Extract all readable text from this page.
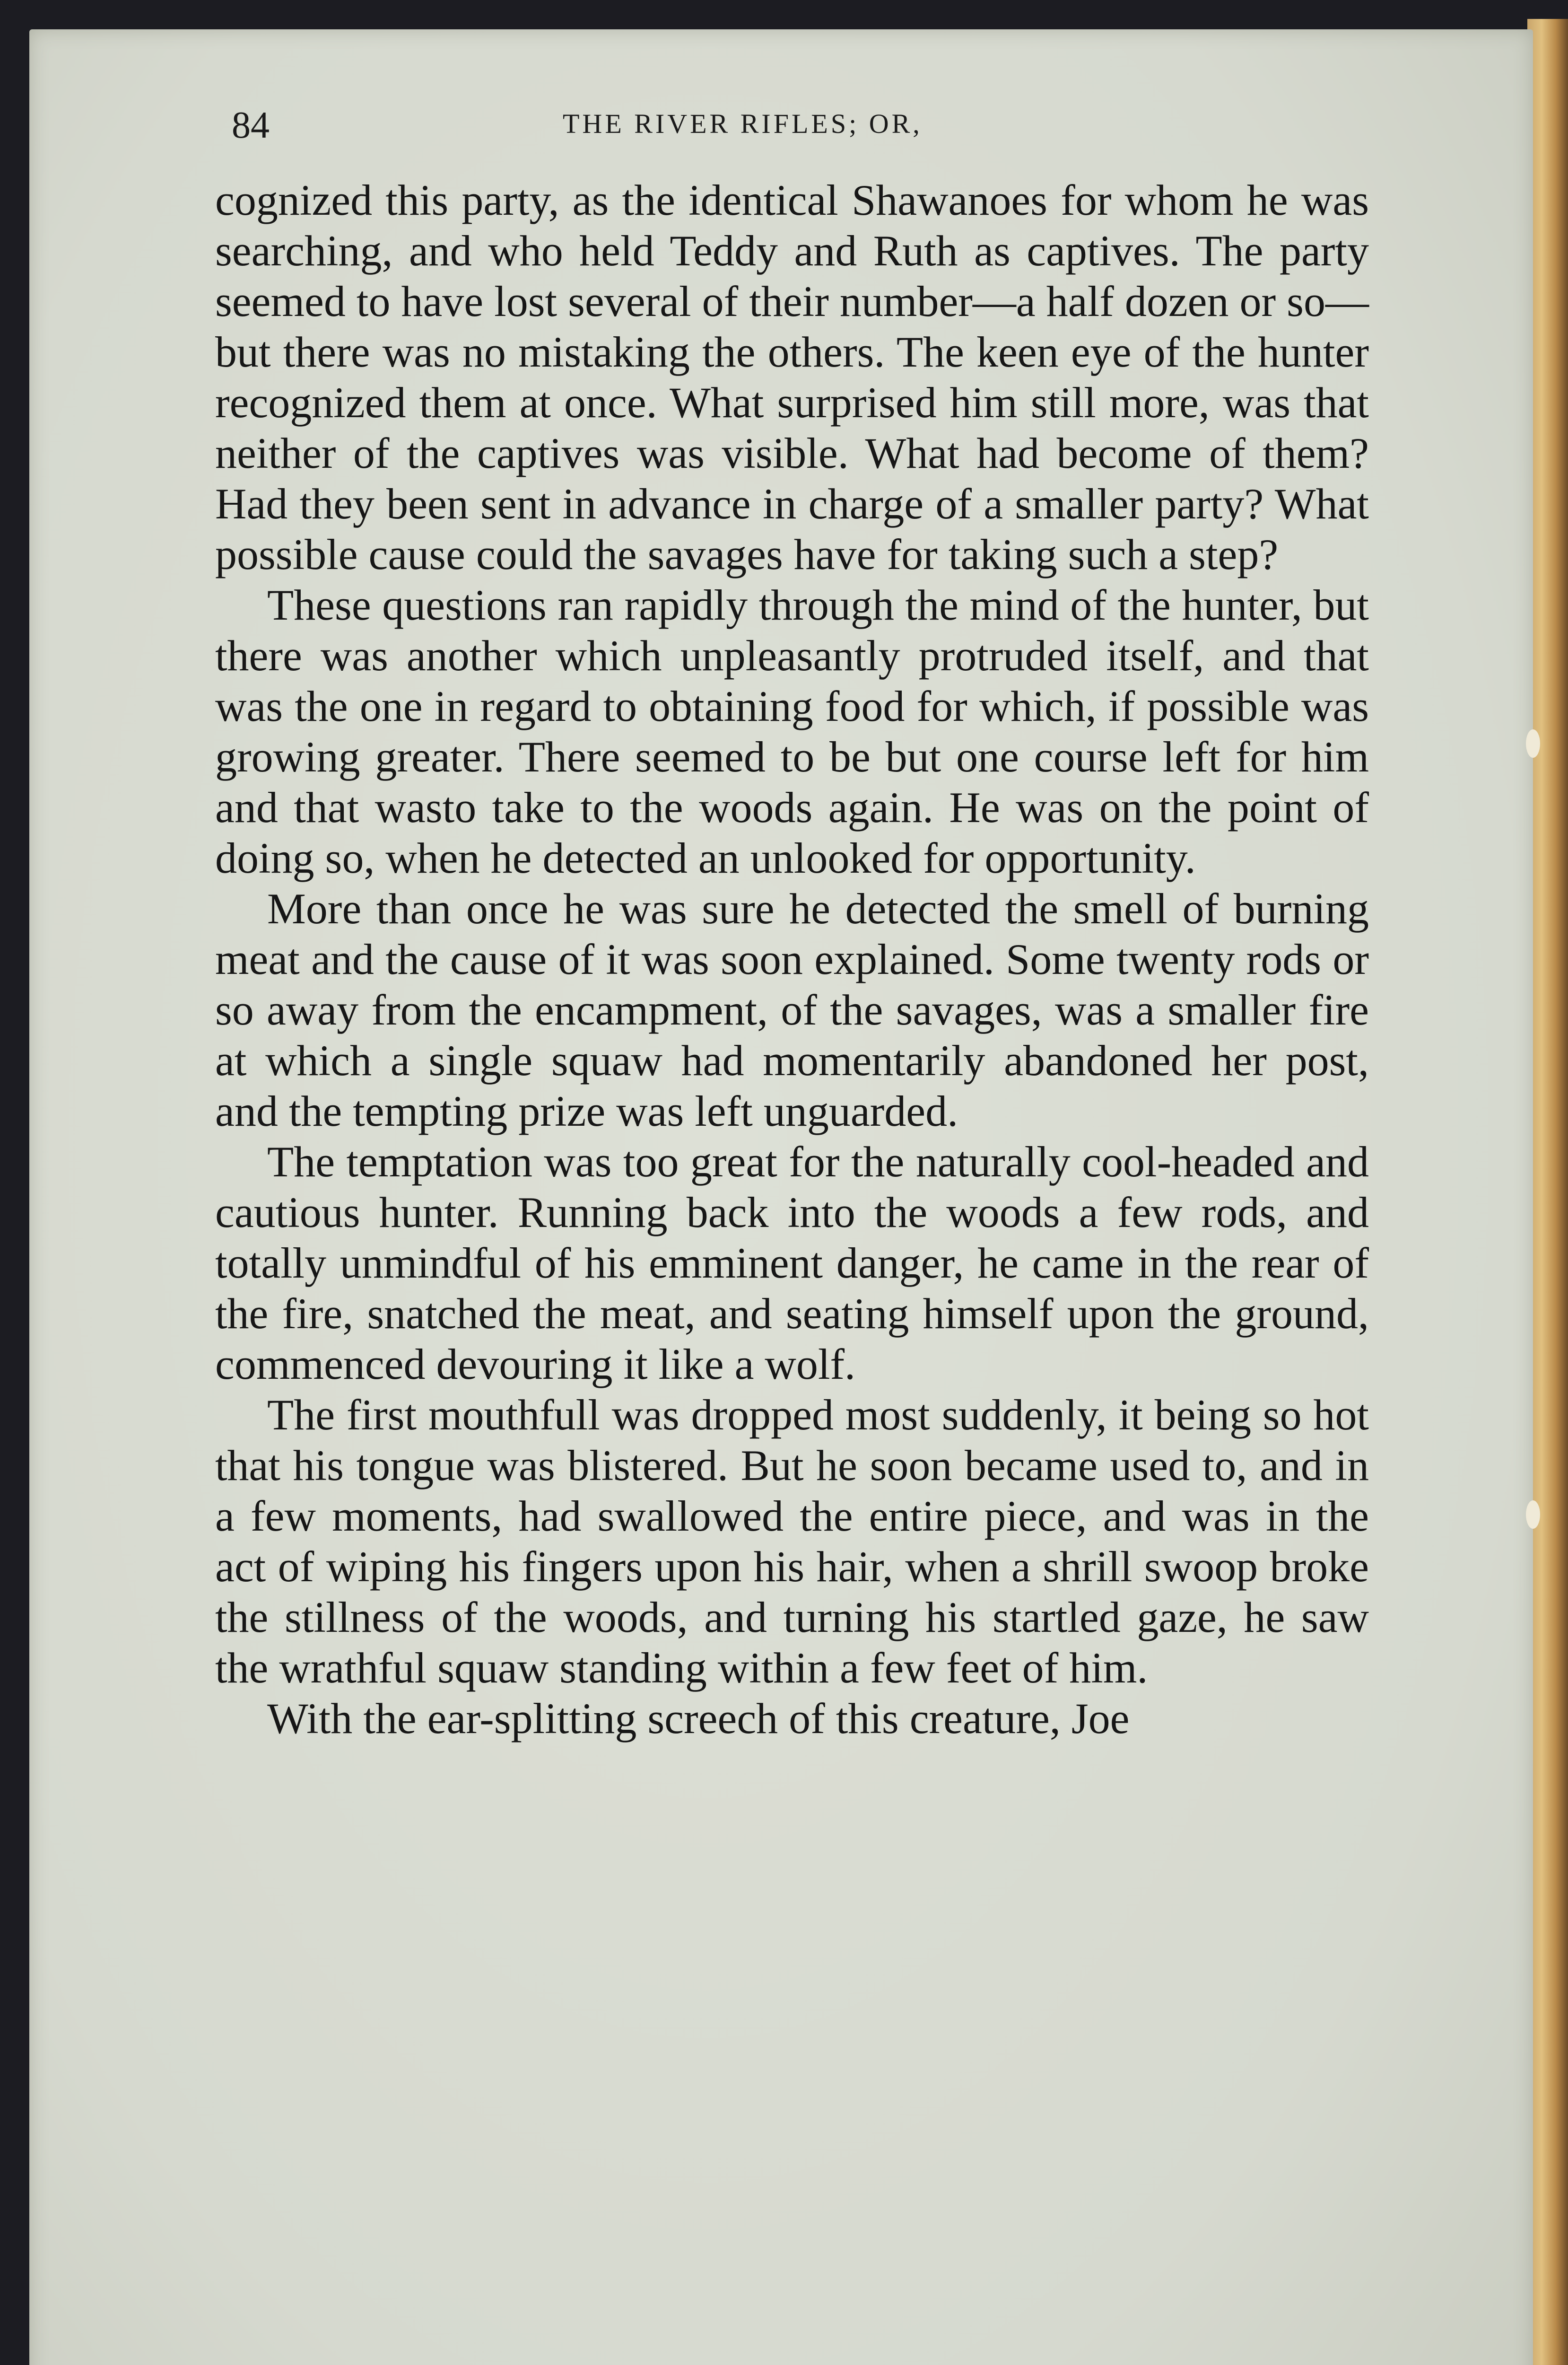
84	THE RIVER RIFLES; OR,

cognized this party, as the identical Shawanoes for whom he was searching, and who held Teddy and Ruth as captives. The party seemed to have lost several of their number—a half dozen or so—but there was no mistaking the others. The keen eye of the hunter recognized them at once. What surprised him still more, was that neither of the captives was visible. What had become of them? Had they been sent in advance in charge of a smaller party? What possible cause could the savages have for taking such a step?

These questions ran rapidly through the mind of the hunter, but there was another which unpleasantly protruded itself, and that was the one in regard to obtaining food for which, if possible was growing greater. There seemed to be but one course left for him and that wasto take to the woods again. He was on the point of doing so, when he detected an unlooked for opportunity.

More than once he was sure he detected the smell of burning meat and the cause of it was soon explained. Some twenty rods or so away from the encampment, of the savages, was a smaller fire at which a single squaw had momentarily abandoned her post, and the tempting prize was left unguarded.

The temptation was too great for the naturally cool-headed and cautious hunter. Running back into the woods a few rods, and totally unmindful of his emminent danger, he came in the rear of the fire, snatched the meat, and seating himself upon the ground, commenced devouring it like a wolf.

The first mouthfull was dropped most suddenly, it being so hot that his tongue was blistered. But he soon became used to, and in a few moments, had swallowed the entire piece, and was in the act of wiping his fingers upon his hair, when a shrill swoop broke the stillness of the woods, and turning his startled gaze, he saw the wrathful squaw standing within a few feet of him.

With the ear-splitting screech of this creature, Joe
